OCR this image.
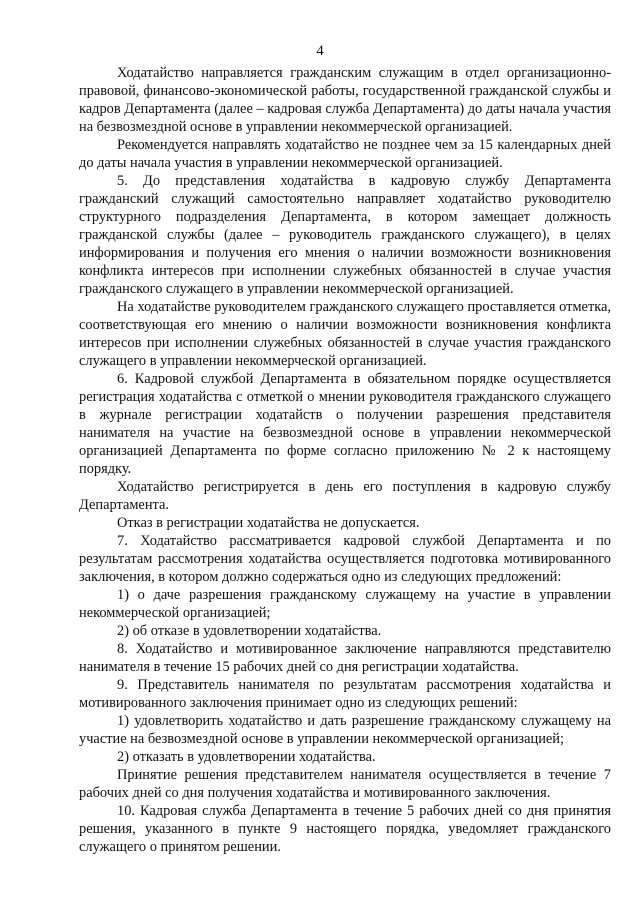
4

Ходатайство направляется гражданским служащим в отдел организационно-правовой, финансово-экономической работы, государственной гражданской службы и кадров Департамента (далее – кадровая служба Департамента) до даты начала участия на безвозмездной основе в управлении некоммерческой организацией.

Рекомендуется направлять ходатайство не позднее чем за 15 календарных дней до даты начала участия в управлении некоммерческой организацией.

5. До представления ходатайства в кадровую службу Департамента гражданский служащий самостоятельно направляет ходатайство руководителю структурного подразделения Департамента, в котором замещает должность гражданской службы (далее – руководитель гражданского служащего), в целях информирования и получения его мнения о наличии возможности возникновения конфликта интересов при исполнении служебных обязанностей в случае участия гражданского служащего в управлении некоммерческой организацией.

На ходатайстве руководителем гражданского служащего проставляется отметка, соответствующая его мнению о наличии возможности возникновения конфликта интересов при исполнении служебных обязанностей в случае участия гражданского служащего в управлении некоммерческой организацией.

6. Кадровой службой Департамента в обязательном порядке осуществляется регистрация ходатайства с отметкой о мнении руководителя гражданского служащего в журнале регистрации ходатайств о получении разрешения представителя нанимателя на участие на безвозмездной основе в управлении некоммерческой организацией Департамента по форме согласно приложению № 2 к настоящему порядку.

Ходатайство регистрируется в день его поступления в кадровую службу Департамента.

Отказ в регистрации ходатайства не допускается.

7. Ходатайство рассматривается кадровой службой Департамента и по результатам рассмотрения ходатайства осуществляется подготовка мотивированного заключения, в котором должно содержаться одно из следующих предложений:

1) о даче разрешения гражданскому служащему на участие в управлении некоммерческой организацией;

2) об отказе в удовлетворении ходатайства.

8. Ходатайство и мотивированное заключение направляются представителю нанимателя в течение 15 рабочих дней со дня регистрации ходатайства.

9. Представитель нанимателя по результатам рассмотрения ходатайства и мотивированного заключения принимает одно из следующих решений:

1) удовлетворить ходатайство и дать разрешение гражданскому служащему на участие на безвозмездной основе в управлении некоммерческой организацией;

2) отказать в удовлетворении ходатайства.

Принятие решения представителем нанимателя осуществляется в течение 7 рабочих дней со дня получения ходатайства и мотивированного заключения.

10. Кадровая служба Департамента в течение 5 рабочих дней со дня принятия решения, указанного в пункте 9 настоящего порядка, уведомляет гражданского служащего о принятом решении.
